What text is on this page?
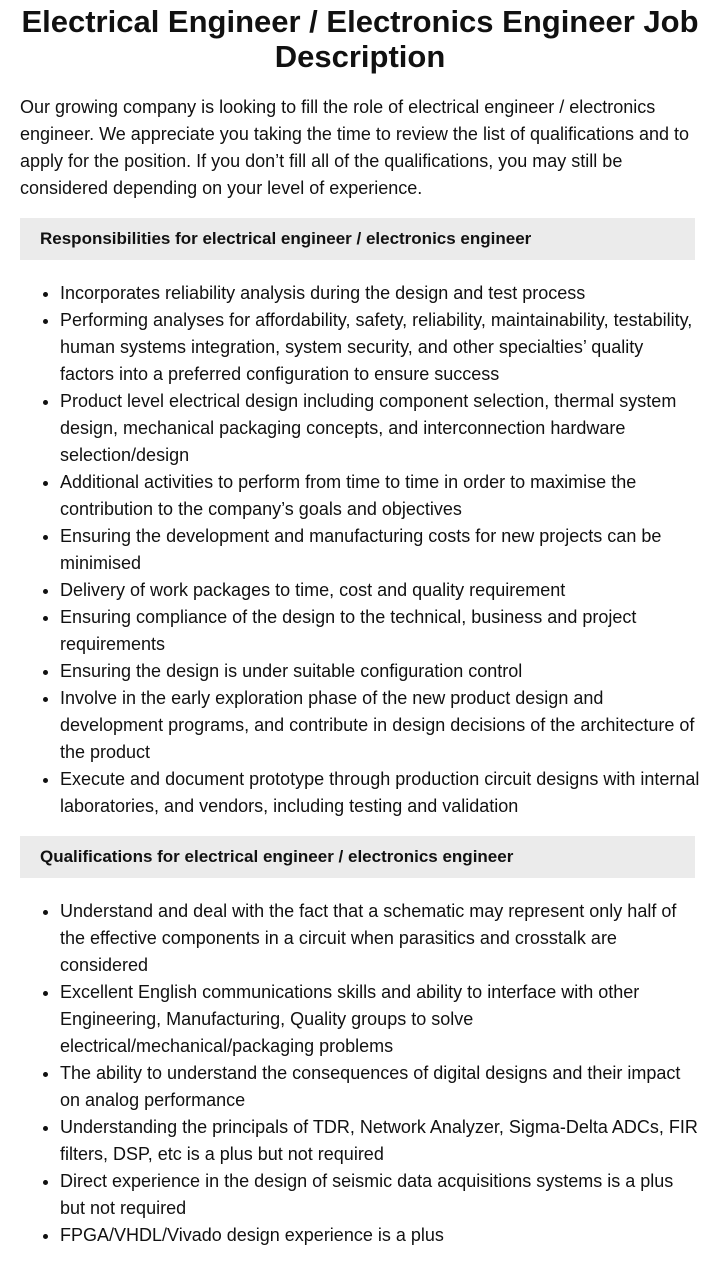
Electrical Engineer / Electronics Engineer Job Description

Our growing company is looking to fill the role of electrical engineer / electronics engineer. We appreciate you taking the time to review the list of qualifications and to apply for the position. If you don’t fill all of the qualifications, you may still be considered depending on your level of experience.

Responsibilities for electrical engineer / electronics engineer
• Incorporates reliability analysis during the design and test process
• Performing analyses for affordability, safety, reliability, maintainability, testability, human systems integration, system security, and other specialties’ quality factors into a preferred configuration to ensure success
• Product level electrical design including component selection, thermal system design, mechanical packaging concepts, and interconnection hardware selection/design
• Additional activities to perform from time to time in order to maximise the contribution to the company’s goals and objectives
• Ensuring the development and manufacturing costs for new projects can be minimised
• Delivery of work packages to time, cost and quality requirement
• Ensuring compliance of the design to the technical, business and project requirements
• Ensuring the design is under suitable configuration control
• Involve in the early exploration phase of the new product design and development programs, and contribute in design decisions of the architecture of the product
• Execute and document prototype through production circuit designs with internal laboratories, and vendors, including testing and validation
Qualifications for electrical engineer / electronics engineer
• Understand and deal with the fact that a schematic may represent only half of the effective components in a circuit when parasitics and crosstalk are considered
• Excellent English communications skills and ability to interface with other Engineering, Manufacturing, Quality groups to solve electrical/mechanical/packaging problems
• The ability to understand the consequences of digital designs and their impact on analog performance
• Understanding the principals of TDR, Network Analyzer, Sigma-Delta ADCs, FIR filters, DSP, etc is a plus but not required
• Direct experience in the design of seismic data acquisitions systems is a plus but not required
• FPGA/VHDL/Vivado design experience is a plus
